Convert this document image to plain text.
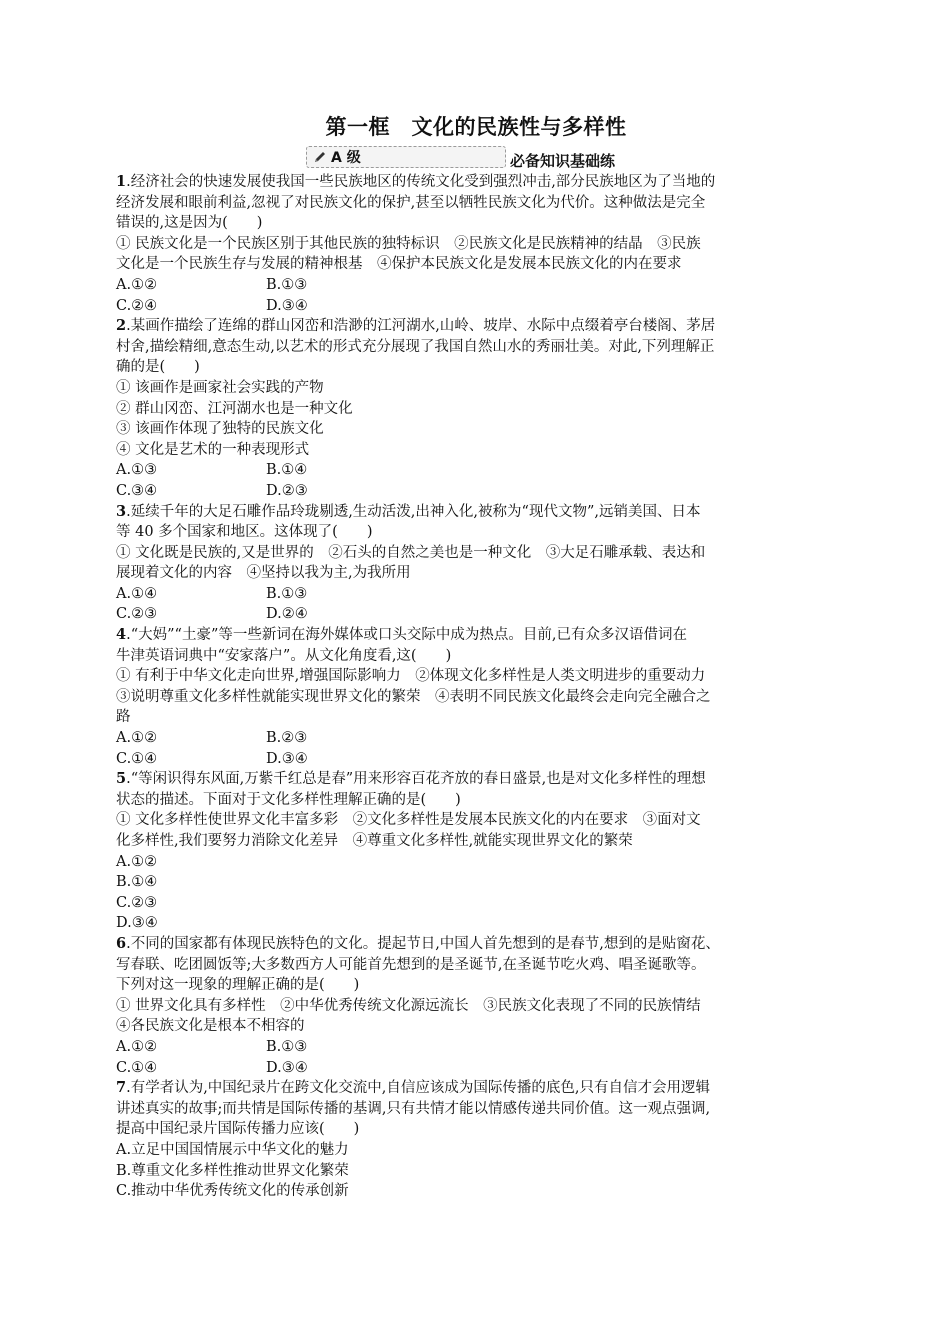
第一框　文化的民族性与多样性
A 级	必备知识基础练
1.经济社会的快速发展使我国一些民族地区的传统文化受到强烈冲击,部分民族地区为了当地的
经济发展和眼前利益,忽视了对民族文化的保护,甚至以牺牲民族文化为代价。这种做法是完全
错误的,这是因为(　　)
① 民族文化是一个民族区别于其他民族的独特标识　②民族文化是民族精神的结晶　③民族
文化是一个民族生存与发展的精神根基　④保护本民族文化是发展本民族文化的内在要求
A.①②	B.①③
C.②④	D.③④
2.某画作描绘了连绵的群山冈峦和浩渺的江河湖水,山岭、坡岸、水际中点缀着亭台楼阁、茅居
村舍,描绘精细,意态生动,以艺术的形式充分展现了我国自然山水的秀丽壮美。对此,下列理解正
确的是(　　)
① 该画作是画家社会实践的产物
② 群山冈峦、江河湖水也是一种文化
③ 该画作体现了独特的民族文化
④ 文化是艺术的一种表现形式
A.①③	B.①④
C.③④	D.②③
3.延续千年的大足石雕作品玲珑剔透,生动活泼,出神入化,被称为“现代文物”,远销美国、日本
等 40 多个国家和地区。这体现了(　　)
① 文化既是民族的,又是世界的　②石头的自然之美也是一种文化　③大足石雕承载、表达和
展现着文化的内容　④坚持以我为主,为我所用
A.①④	B.①③
C.②③	D.②④
4.“大妈”“土豪”等一些新词在海外媒体或口头交际中成为热点。目前,已有众多汉语借词在
牛津英语词典中“安家落户”。从文化角度看,这(　　)
① 有利于中华文化走向世界,增强国际影响力　②体现文化多样性是人类文明进步的重要动力
③说明尊重文化多样性就能实现世界文化的繁荣　④表明不同民族文化最终会走向完全融合之
路
A.①②	B.②③
C.①④	D.③④
5.“等闲识得东风面,万紫千红总是春”用来形容百花齐放的春日盛景,也是对文化多样性的理想
状态的描述。下面对于文化多样性理解正确的是(　　)
① 文化多样性使世界文化丰富多彩　②文化多样性是发展本民族文化的内在要求　③面对文
化多样性,我们要努力消除文化差异　④尊重文化多样性,就能实现世界文化的繁荣
A.①②
B.①④
C.②③
D.③④
6.不同的国家都有体现民族特色的文化。提起节日,中国人首先想到的是春节,想到的是贴窗花、
写春联、吃团圆饭等;大多数西方人可能首先想到的是圣诞节,在圣诞节吃火鸡、唱圣诞歌等。
下列对这一现象的理解正确的是(　　)
① 世界文化具有多样性　②中华优秀传统文化源远流长　③民族文化表现了不同的民族情结
④各民族文化是根本不相容的
A.①②	B.①③
C.①④	D.③④
7.有学者认为,中国纪录片在跨文化交流中,自信应该成为国际传播的底色,只有自信才会用逻辑
讲述真实的故事;而共情是国际传播的基调,只有共情才能以情感传递共同价值。这一观点强调,
提高中国纪录片国际传播力应该(　　)
A.立足中国国情展示中华文化的魅力
B.尊重文化多样性推动世界文化繁荣
C.推动中华优秀传统文化的传承创新
